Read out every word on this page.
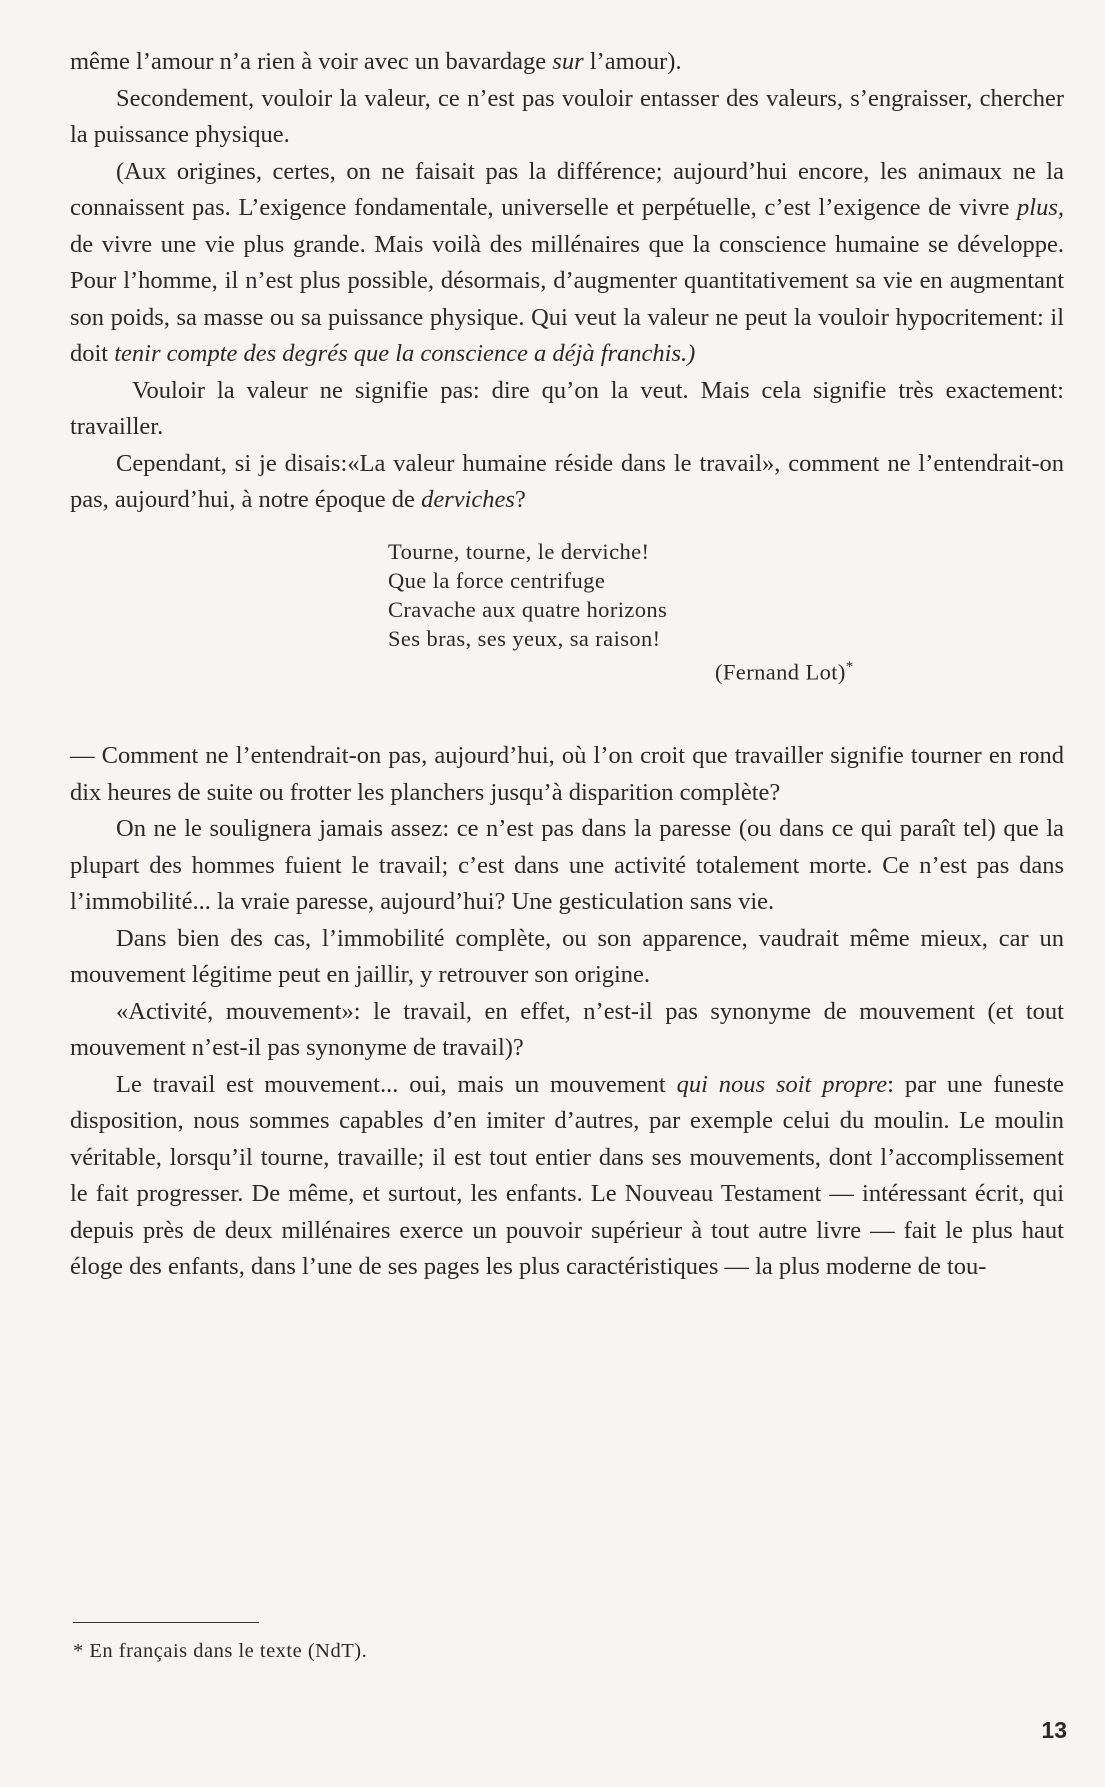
même l’amour n’a rien à voir avec un bavardage sur l’amour).

Secondement, vouloir la valeur, ce n’est pas vouloir entasser des valeurs, s’engraisser, chercher la puissance physique.

(Aux origines, certes, on ne faisait pas la différence; aujourd’hui encore, les animaux ne la connaissent pas. L’exigence fondamentale, universelle et perpétuelle, c’est l’exigence de vivre plus, de vivre une vie plus grande. Mais voilà des millénaires que la conscience humaine se développe. Pour l’homme, il n’est plus possible, désormais, d’augmenter quantitativement sa vie en augmentant son poids, sa masse ou sa puissance physique. Qui veut la valeur ne peut la vouloir hypocritement: il doit tenir compte des degrés que la conscience a déjà franchis.)

Vouloir la valeur ne signifie pas: dire qu’on la veut. Mais cela signifie très exactement: travailler.

Cependant, si je disais:«La valeur humaine réside dans le travail», comment ne l’entendrait-on pas, aujourd’hui, à notre époque de derviches?

Tourne, tourne, le derviche!
Que la force centrifuge
Cravache aux quatre horizons
Ses bras, ses yeux, sa raison!
(Fernand Lot)*

— Comment ne l’entendrait-on pas, aujourd’hui, où l’on croit que travailler signifie tourner en rond dix heures de suite ou frotter les planchers jusqu’à disparition complète?

On ne le soulignera jamais assez: ce n’est pas dans la paresse (ou dans ce qui paraît tel) que la plupart des hommes fuient le travail; c’est dans une activité totalement morte. Ce n’est pas dans l’immobilité... la vraie paresse, aujourd’hui? Une gesticulation sans vie.

Dans bien des cas, l’immobilité complète, ou son apparence, vaudrait même mieux, car un mouvement légitime peut en jaillir, y retrouver son origine.

«Activité, mouvement»: le travail, en effet, n’est-il pas synonyme de mouvement (et tout mouvement n’est-il pas synonyme de travail)?

Le travail est mouvement... oui, mais un mouvement qui nous soit propre: par une funeste disposition, nous sommes capables d’en imiter d’autres, par exemple celui du moulin. Le moulin véritable, lorsqu’il tourne, travaille; il est tout entier dans ses mouvements, dont l’accomplissement le fait progresser. De même, et surtout, les enfants. Le Nouveau Testament — intéressant écrit, qui depuis près de deux millénaires exerce un pouvoir supérieur à tout autre livre — fait le plus haut éloge des enfants, dans l’une de ses pages les plus caractéristiques — la plus moderne de tou-

* En français dans le texte (NdT).
13
